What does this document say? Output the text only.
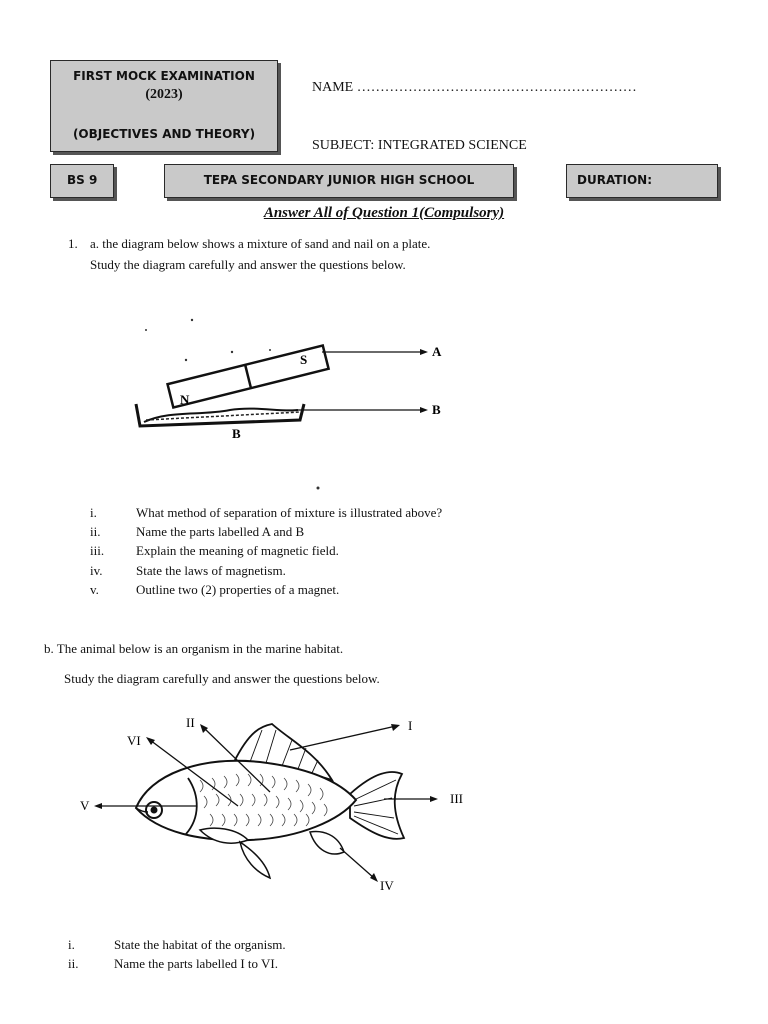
FIRST MOCK EXAMINATION
(2023)
(OBJECTIVES AND THEORY)
NAME ……………………………………………………
SUBJECT: INTEGRATED SCIENCE
BS 9	TEPA SECONDARY JUNIOR HIGH SCHOOL	DURATION:
Answer All of Question 1(Compulsory)
1. a. the diagram below shows a mixture of sand and nail on a plate.
Study the diagram carefully and answer the questions below.
S
N
B
A
B
i.	What method of separation of mixture is illustrated above?
ii.	Name the parts labelled A and B
iii. Explain the meaning of magnetic field.
iv.	State the laws of magnetism.
v.	Outline two (2) properties of a magnet.
b. The animal below is an organism in the marine habitat.
Study the diagram carefully and answer the questions below.
I
II
III
IV
V
VI
i.	State the habitat of the organism.
ii.	Name the parts labelled I to VI.
